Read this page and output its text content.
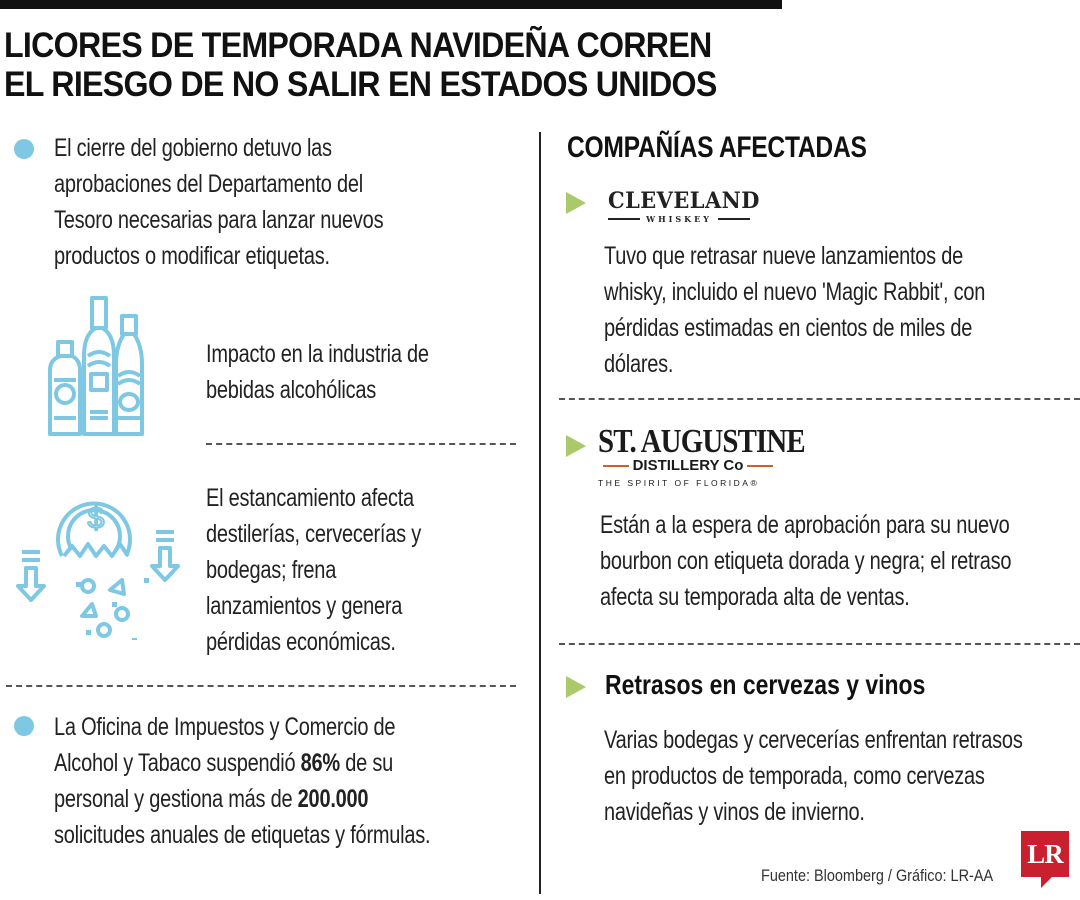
LICORES DE TEMPORADA NAVIDEÑA CORREN
EL RIESGO DE NO SALIR EN ESTADOS UNIDOS
El cierre del gobierno detuvo las
aprobaciones del Departamento del
Tesoro necesarias para lanzar nuevos
productos o modificar etiquetas.
Impacto en la industria de
bebidas alcohólicas
$
El estancamiento afecta
destilerías, cervecerías y
bodegas; frena
lanzamientos y genera
pérdidas económicas.
La Oficina de Impuestos y Comercio de
Alcohol y Tabaco suspendió 86% de su
personal y gestiona más de 200.000
solicitudes anuales de etiquetas y fórmulas.
COMPAÑÍAS AFECTADAS
CLEVELAND
WHISKEY
Tuvo que retrasar nueve lanzamientos de
whisky, incluido el nuevo 'Magic Rabbit', con
pérdidas estimadas en cientos de miles de
dólares.
ST. AUGUSTINE
DISTILLERY Co
THE SPIRIT OF FLORIDA®
Están a la espera de aprobación para su nuevo
bourbon con etiqueta dorada y negra; el retraso
afecta su temporada alta de ventas.
Retrasos en cervezas y vinos
Varias bodegas y cervecerías enfrentan retrasos
en productos de temporada, como cervezas
navideñas y vinos de invierno.
Fuente: Bloomberg / Gráfico: LR-AA
LR
